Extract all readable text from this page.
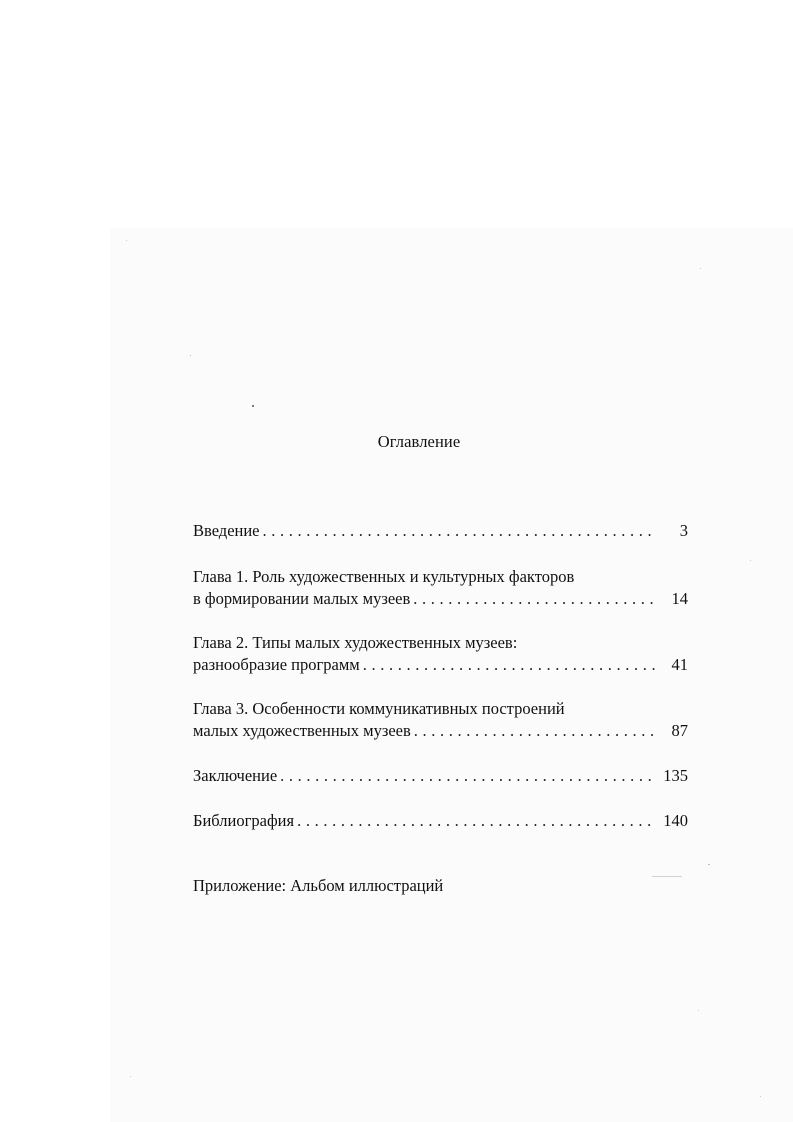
Оглавление
Введение . . .	3
Глава 1. Роль художественных и культурных факторов
в формировании малых музеев . . .	14
Глава 2. Типы малых художественных музеев:
разнообразие программ . . .	41
Глава 3. Особенности коммуникативных построений
малых художественных музеев . . .	87
Заключение . . .	135
Библиография . . .	140
Приложение: Альбом иллюстраций
